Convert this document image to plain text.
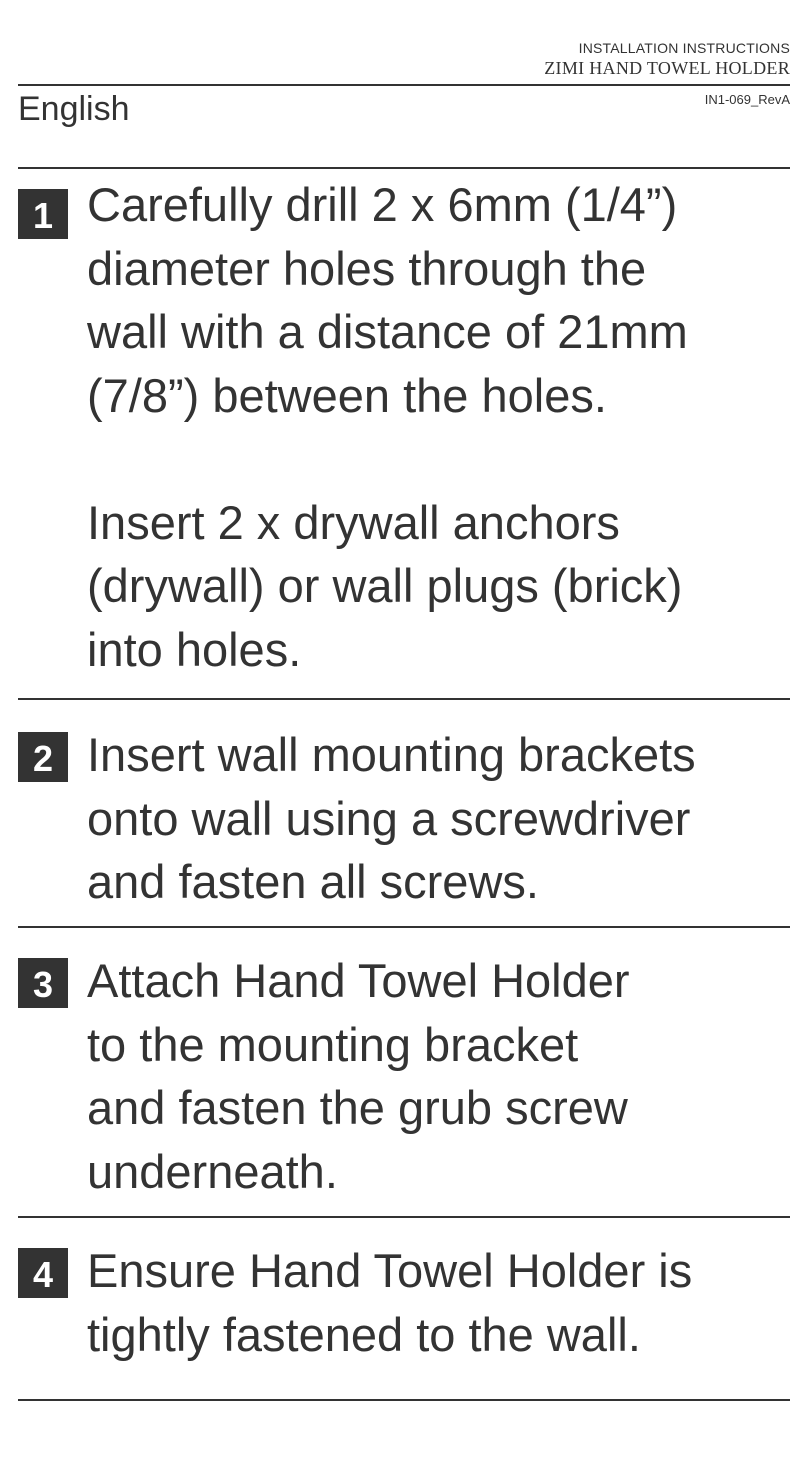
INSTALLATION INSTRUCTIONS
ZIMI HAND TOWEL HOLDER
English	IN1-069_RevA
1 Carefully drill 2 x 6mm (1/4”)

diameter holes through the

wall with a distance of 21mm

(7/8”) between the holes.

Insert 2 x drywall anchors

(drywall) or wall plugs (brick)

into holes.

2 Insert wall mounting brackets

onto wall using a screwdriver

and fasten all screws.

3 Attach Hand Towel Holder

to the mounting bracket

and fasten the grub screw

underneath.

4 Ensure Hand Towel Holder is

tightly fastened to the wall.
